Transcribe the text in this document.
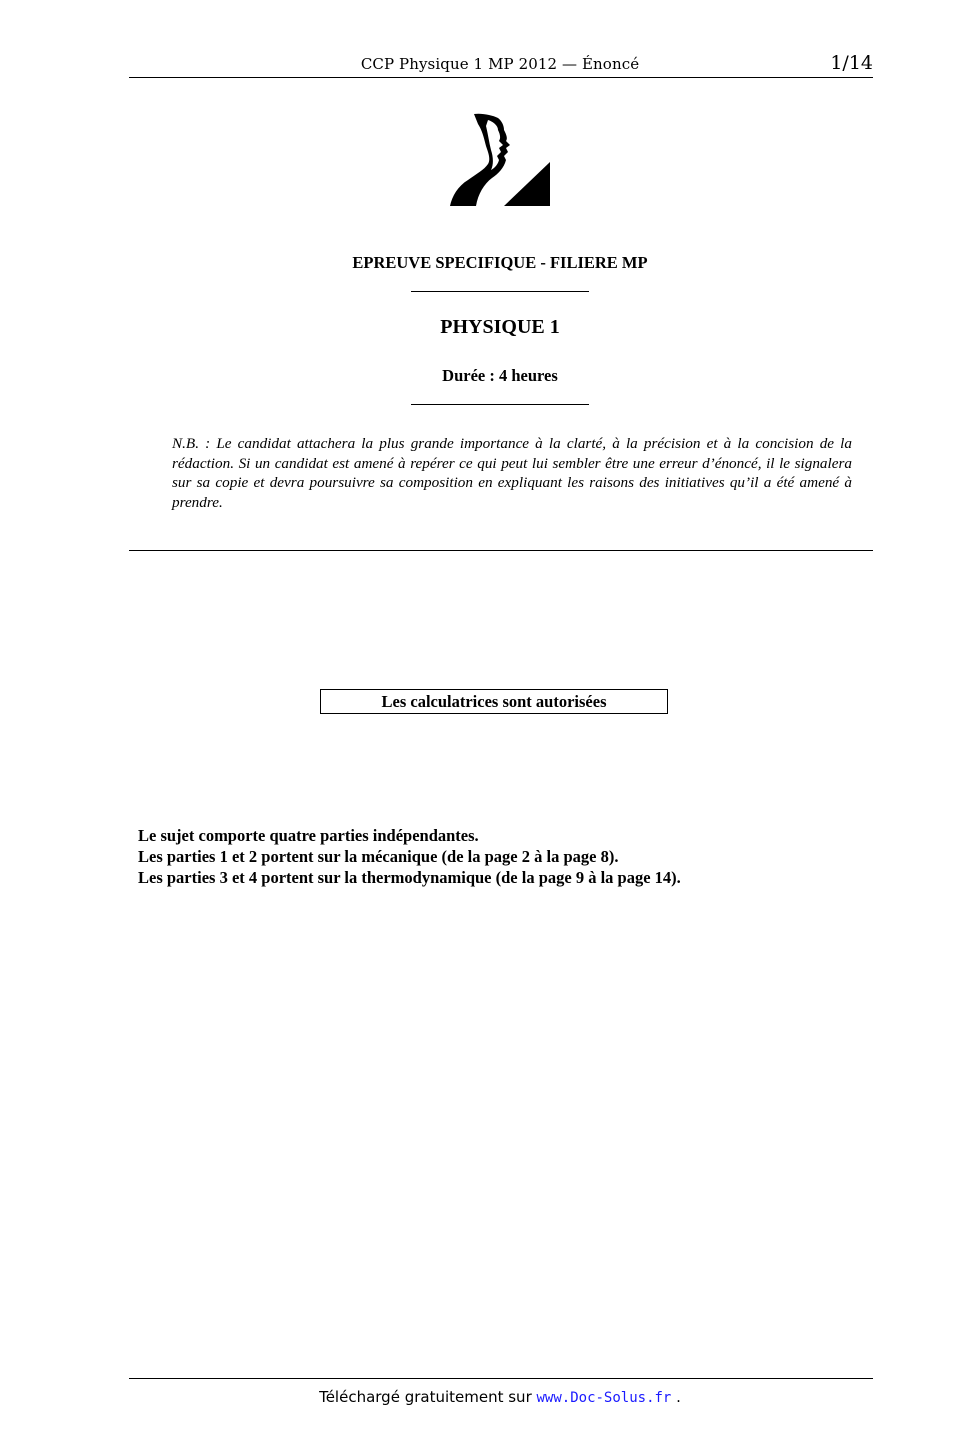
CCP Physique 1 MP 2012 — Énoncé	1/14
EPREUVE SPECIFIQUE - FILIERE MP
PHYSIQUE 1
Durée : 4 heures
N.B. : Le candidat attachera la plus grande importance à la clarté, à la précision et à la concision de la rédaction. Si un candidat est amené à repérer ce qui peut lui sembler être une erreur d’énoncé, il le signalera sur sa copie et devra poursuivre sa composition en expliquant les raisons des initiatives qu’il a été amené à prendre.
Les calculatrices sont autorisées
Le sujet comporte quatre parties indépendantes.
Les parties 1 et 2 portent sur la mécanique (de la page 2 à la page 8).
Les parties 3 et 4 portent sur la thermodynamique (de la page 9 à la page 14).
Téléchargé gratuitement sur www.Doc-Solus.fr .
